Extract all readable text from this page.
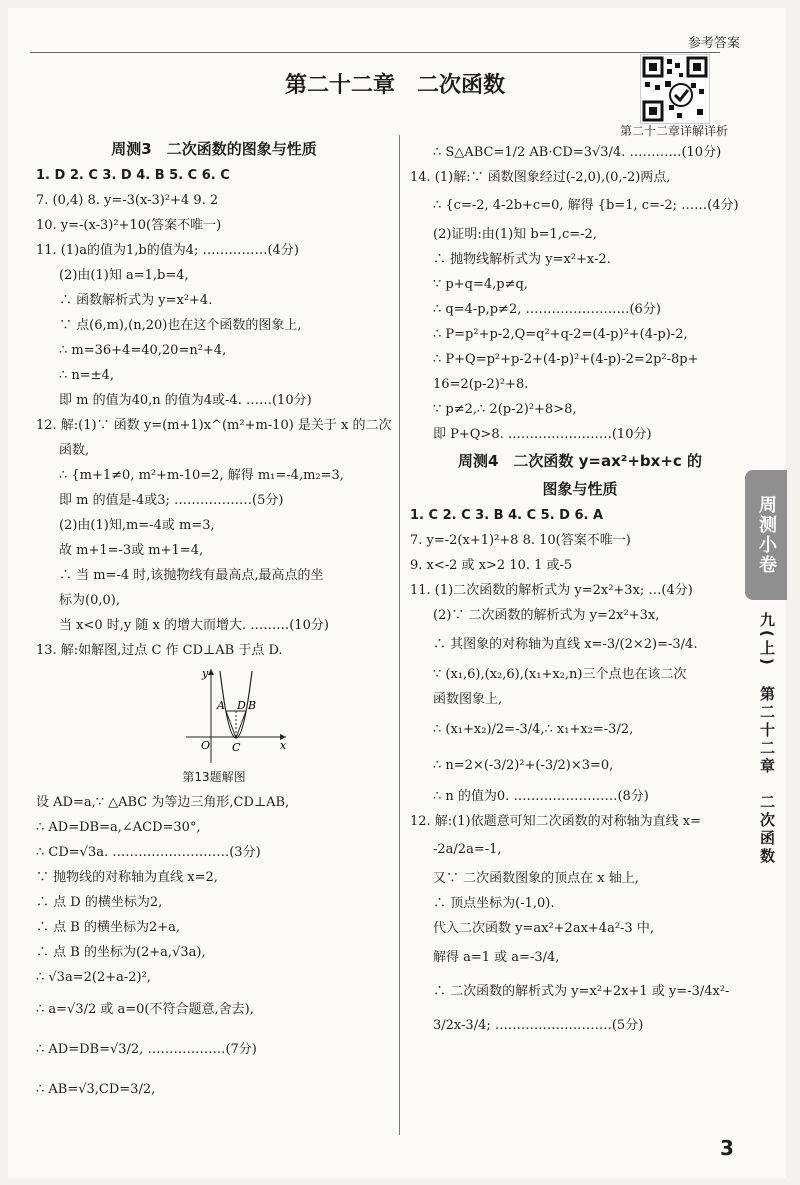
参考答案
第二十二章　二次函数
第二十二章详解详析
周测3　二次函数的图象与性质
1. D 2. C 3. D 4. B 5. C 6. C
7. (0,4) 8. y=-3(x-3)²+4 9. 2
10. y=-(x-3)²+10(答案不唯一)
11. (1)a的值为1,b的值为4; ……………(4分)
(2)由(1)知 a=1,b=4,
∴ 函数解析式为 y=x²+4.
∵ 点(6,m),(n,20)也在这个函数的图象上,
∴ m=36+4=40,20=n²+4,
∴ n=±4,
即 m 的值为40,n 的值为4或-4. ……(10分)
12. 解:(1)∵ 函数 y=(m+1)x^(m²+m-10) 是关于 x 的二次
函数,
∴ {m+1≠0, m²+m-10=2, 解得 m₁=-4,m₂=3,
即 m 的值是-4或3; ………………(5分)
(2)由(1)知,m=-4或 m=3,
故 m+1=-3或 m+1=4,
∴ 当 m=-4 时,该抛物线有最高点,最高点的坐
标为(0,0),
当 x<0 时,y 随 x 的增大而增大. ………(10分)
13. 解:如解图,过点 C 作 CD⊥AB 于点 D.
y
A D B
O C	x
第13题解图
设 AD=a,∵ △ABC 为等边三角形,CD⊥AB,
∴ AD=DB=a,∠ACD=30°,
∴ CD=√3a. ………………………(3分)
∵ 抛物线的对称轴为直线 x=2,
∴ 点 D 的横坐标为2,
∴ 点 B 的横坐标为2+a,
∴ 点 B 的坐标为(2+a,√3a),
∴ √3a=2(2+a-2)²,
∴ a=√3/2 或 a=0(不符合题意,舍去),
∴ AD=DB=√3/2, ………………(7分)
∴ AB=√3,CD=3/2,
∴ S△ABC=1/2 AB·CD=3√3/4. …………(10分)
14. (1)解:∵ 函数图象经过(-2,0),(0,-2)两点,
∴ {c=-2, 4-2b+c=0, 解得 {b=1, c=-2; ……(4分)
(2)证明:由(1)知 b=1,c=-2,
∴ 抛物线解析式为 y=x²+x-2.
∵ p+q=4,p≠q,
∴ q=4-p,p≠2, ……………………(6分)
∴ P=p²+p-2,Q=q²+q-2=(4-p)²+(4-p)-2,
∴ P+Q=p²+p-2+(4-p)²+(4-p)-2=2p²-8p+
16=2(p-2)²+8.
∵ p≠2,∴ 2(p-2)²+8>8,
即 P+Q>8. ……………………(10分)
周测4　二次函数 y=ax²+bx+c 的
图象与性质
1. C 2. C 3. B 4. C 5. D 6. A
7. y=-2(x+1)²+8 8. 10(答案不唯一)
9. x<-2 或 x>2 10. 1 或-5
11. (1)二次函数的解析式为 y=2x²+3x; …(4分)
(2)∵ 二次函数的解析式为 y=2x²+3x,
∴ 其图象的对称轴为直线 x=-3/(2×2)=-3/4.
∵ (x₁,6),(x₂,6),(x₁+x₂,n)三个点也在该二次
函数图象上,
∴ (x₁+x₂)/2=-3/4,∴ x₁+x₂=-3/2,
∴ n=2×(-3/2)²+(-3/2)×3=0,
∴ n 的值为0. ……………………(8分)
12. 解:(1)依题意可知二次函数的对称轴为直线 x=
-2a/2a=-1,
又∵ 二次函数图象的顶点在 x 轴上,
∴ 顶点坐标为(-1,0).
代入二次函数 y=ax²+2ax+4a²-3 中,
解得 a=1 或 a=-3/4,
∴ 二次函数的解析式为 y=x²+2x+1 或 y=-3/4x²-
3/2x-3/4; ………………………(5分)
周测小卷
九(上)　第二十二章　二次函数
3
